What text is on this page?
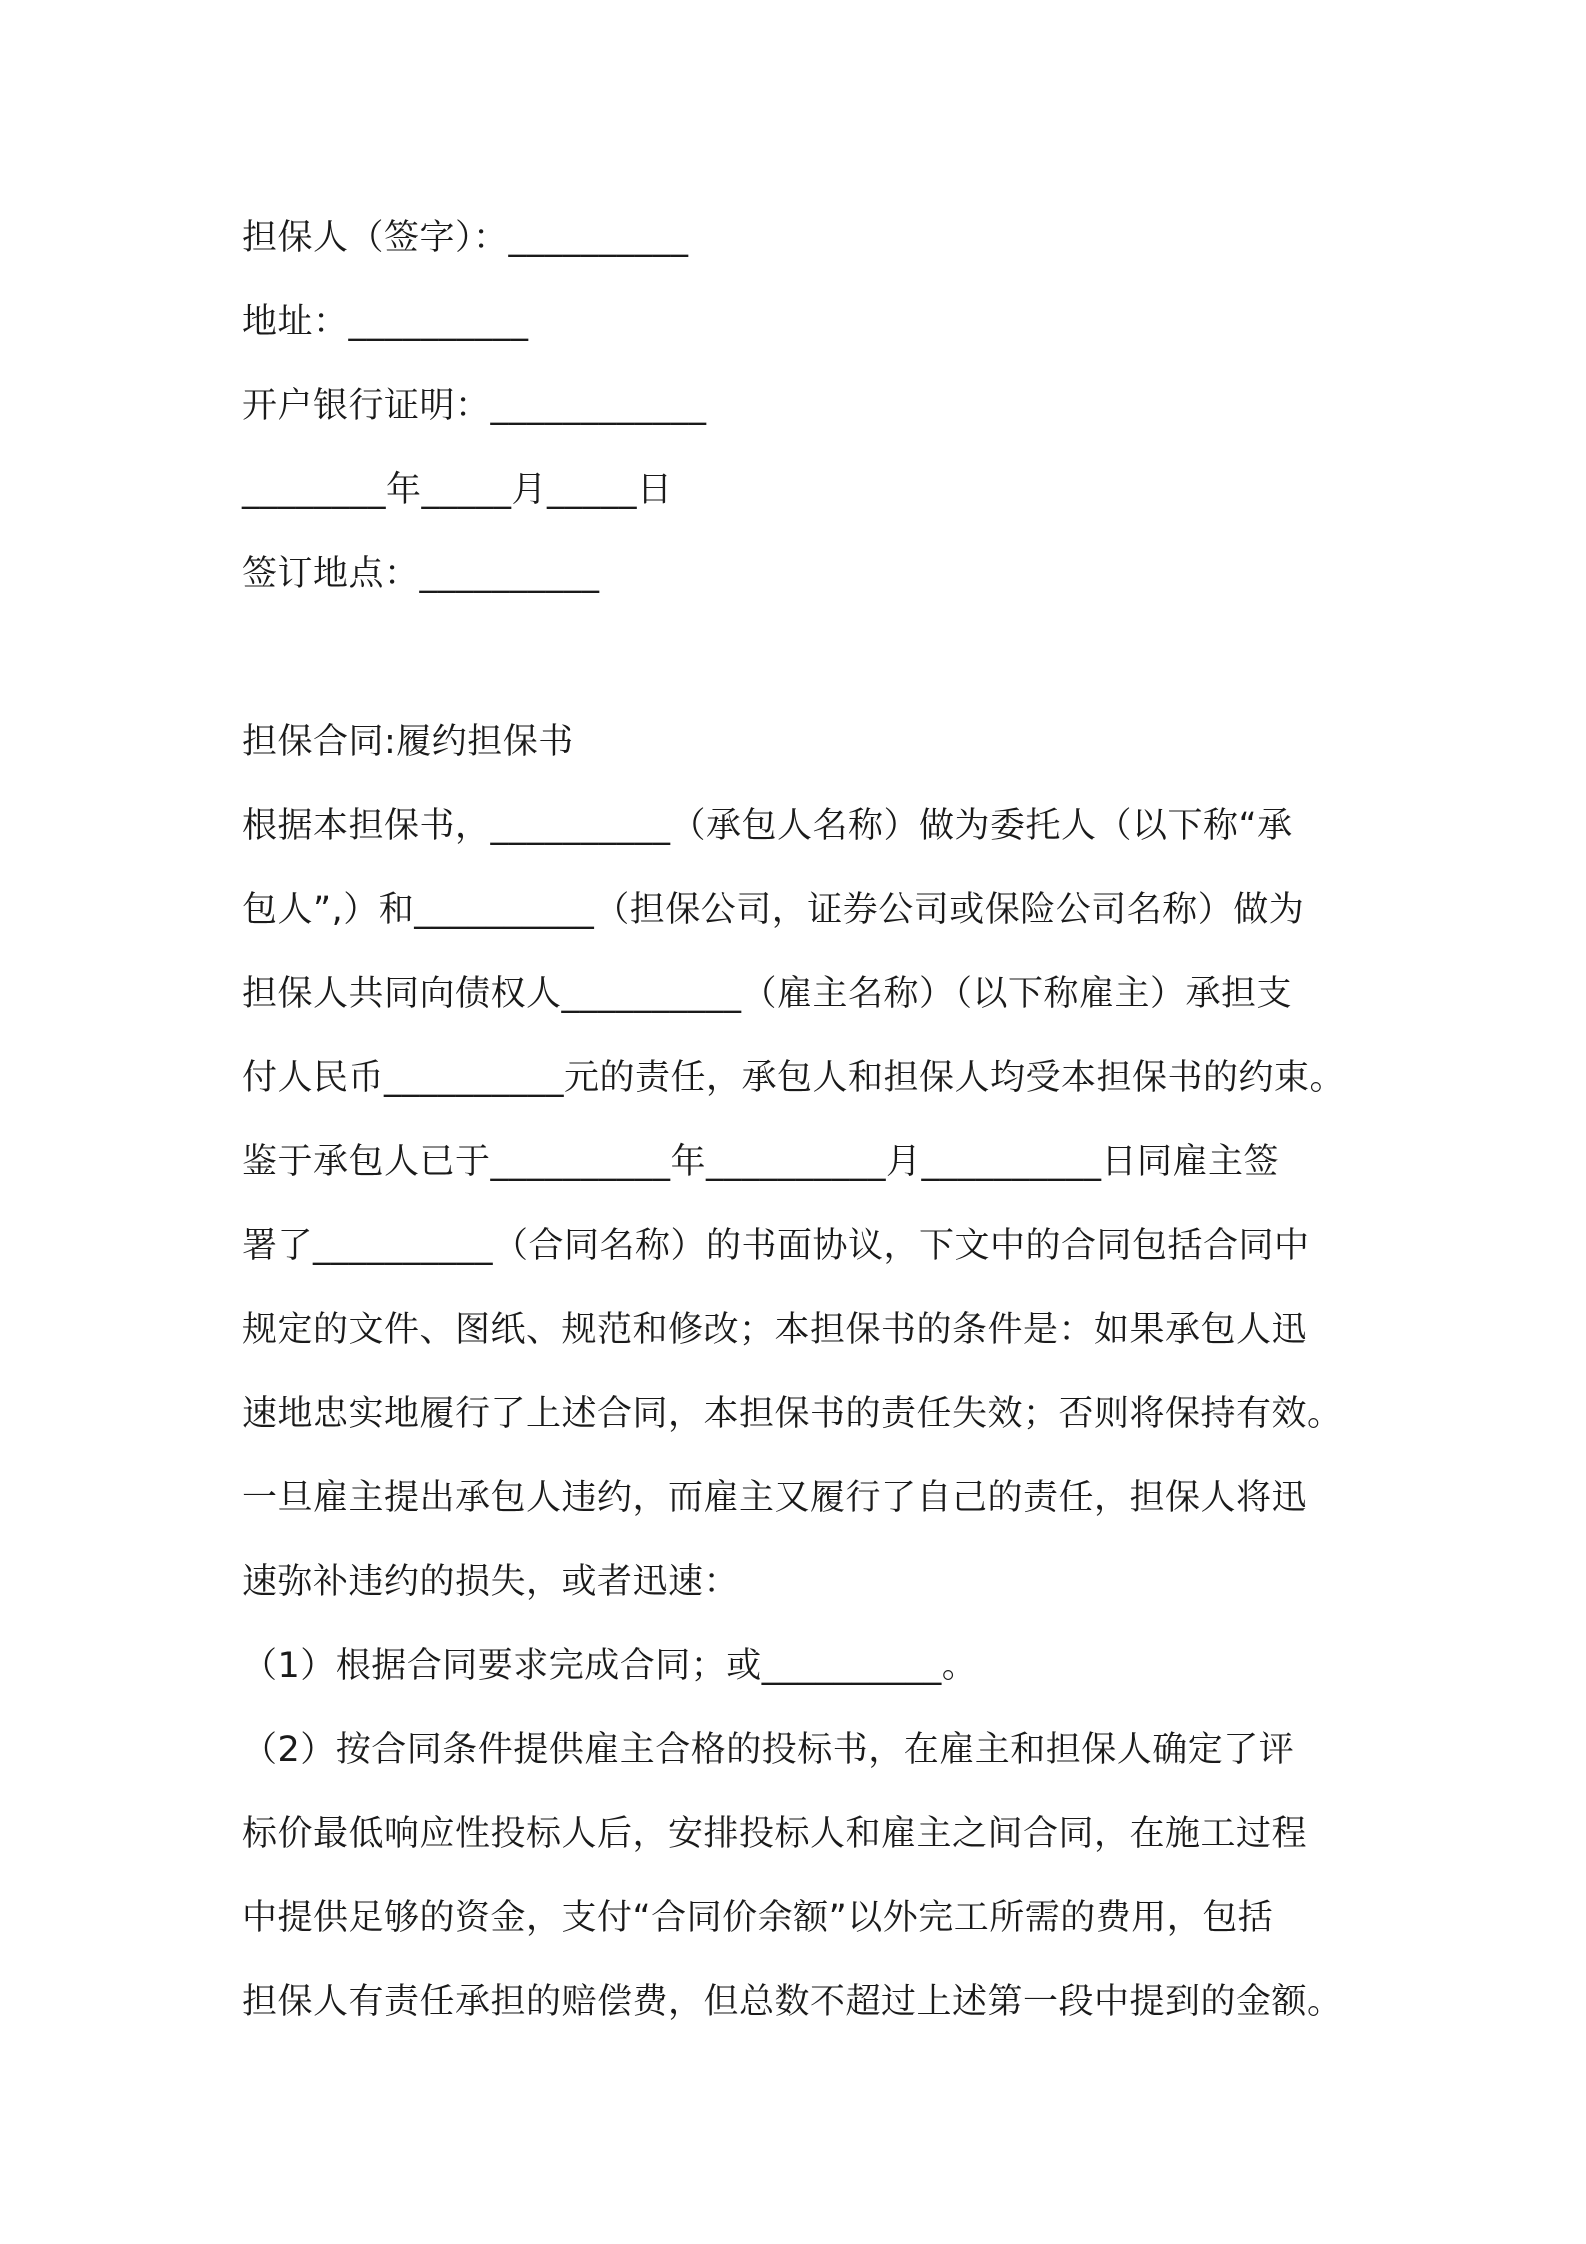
担保人（签字）：__________
地址：__________
开户银行证明：____________
________年_____月_____日
签订地点：__________
担保合同:履约担保书
根据本担保书，__________（承包人名称）做为委托人（以下称“承
包人”,）和__________（担保公司，证券公司或保险公司名称）做为
担保人共同向债权人__________（雇主名称）（以下称雇主）承担支
付人民币__________元的责任，承包人和担保人均受本担保书的约束。
鉴于承包人已于__________年__________月__________日同雇主签
署了__________（合同名称）的书面协议，下文中的合同包括合同中
规定的文件、图纸、规范和修改；本担保书的条件是：如果承包人迅
速地忠实地履行了上述合同，本担保书的责任失效；否则将保持有效。
一旦雇主提出承包人违约，而雇主又履行了自己的责任，担保人将迅
速弥补违约的损失，或者迅速：
（1）根据合同要求完成合同；或__________。
（2）按合同条件提供雇主合格的投标书，在雇主和担保人确定了评
标价最低响应性投标人后，安排投标人和雇主之间合同，在施工过程
中提供足够的资金，支付“合同价余额”以外完工所需的费用，包括
担保人有责任承担的赔偿费，但总数不超过上述第一段中提到的金额。
